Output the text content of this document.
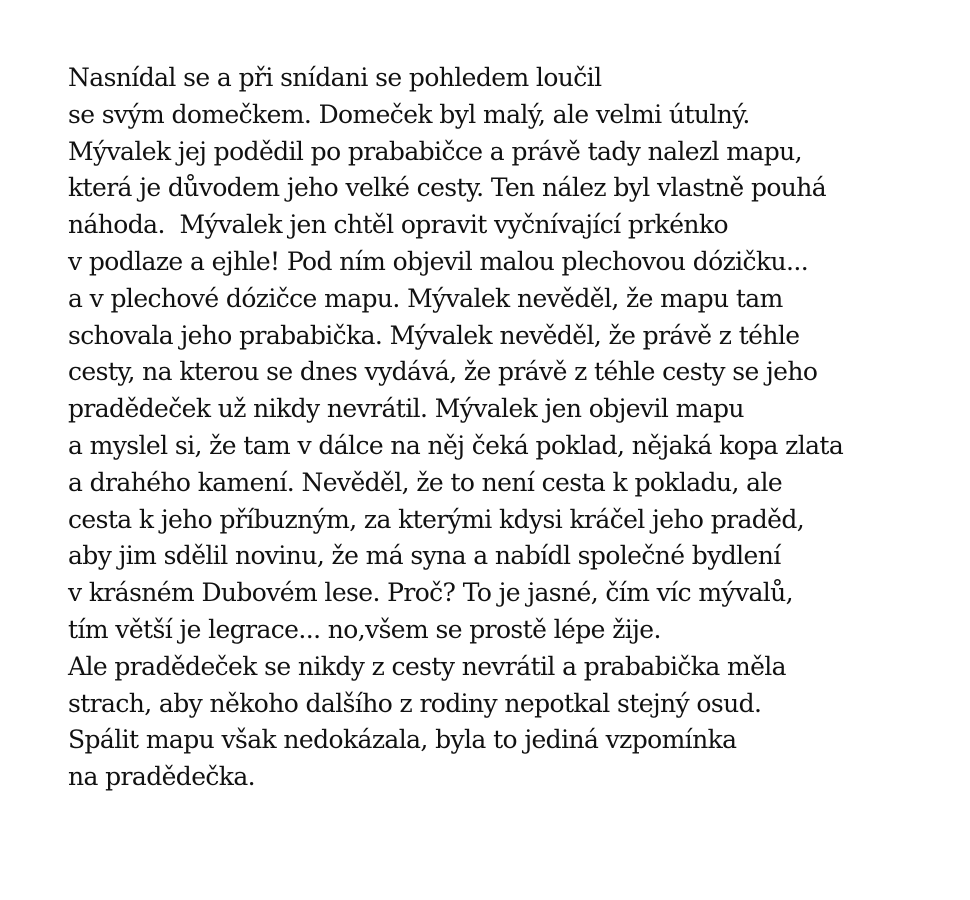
Nasnídal se a při snídani se pohledem loučil
se svým domečkem. Domeček byl malý, ale velmi útulný.
Mývalek jej podědil po prababičce a právě tady nalezl mapu,
která je důvodem jeho velké cesty. Ten nález byl vlastně pouhá
náhoda.  Mývalek jen chtěl opravit vyčnívající prkénko
v podlaze a ejhle! Pod ním objevil malou plechovou dózičku...
a v plechové dózičce mapu. Mývalek nevěděl, že mapu tam
schovala jeho prababička. Mývalek nevěděl, že právě z téhle
cesty, na kterou se dnes vydává, že právě z téhle cesty se jeho
pradědeček už nikdy nevrátil. Mývalek jen objevil mapu
a myslel si, že tam v dálce na něj čeká poklad, nějaká kopa zlata
a drahého kamení. Nevěděl, že to není cesta k pokladu, ale
cesta k jeho příbuzným, za kterými kdysi kráčel jeho praděd,
aby jim sdělil novinu, že má syna a nabídl společné bydlení
v krásném Dubovém lese. Proč? To je jasné, čím víc mývalů,
tím větší je legrace... no,všem se prostě lépe žije.
Ale pradědeček se nikdy z cesty nevrátil a prababička měla
strach, aby někoho dalšího z rodiny nepotkal stejný osud.
Spálit mapu však nedokázala, byla to jediná vzpomínka
na pradědečka.
